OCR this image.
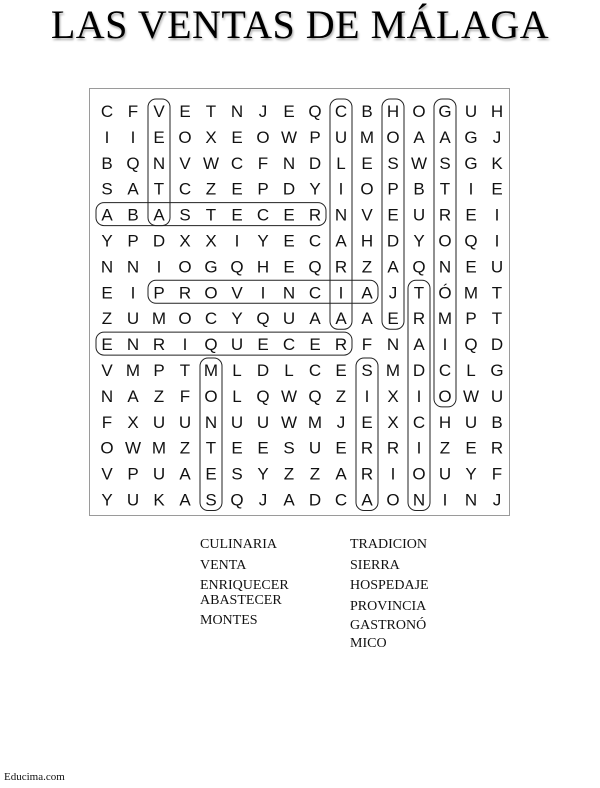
LAS VENTAS DE MÁLAGA
C F V E T N J E Q C B H O G U H
I I E O X E O W P U M O A A G J
B Q N V W C F N D L E S W S G K
S A T C Z E P D Y I O P B T I E
A B A S T E C E R N V E U R E I
Y P D X X I Y E C A H D Y O Q I
N N I O G Q H E Q R Z A Q N E U
E I P R O V I N C I A J T Ó M T
Z U M O C Y Q U A A A E R M P T
E N R I Q U E C E R F N A I Q D
V M P T M L D L C E S M D C L G
N A Z F O L Q W Q Z I X I O W U
F X U U N U U W M J E X C H U B
O W M Z T E E S U E R R I Z E R
V P U A E S Y Z Z A R I O U Y F
Y U K A S Q J A D C A O N I N J
CULINARIA
VENTA
ENRIQUECER
ABASTECER
MONTES
TRADICION
SIERRA
HOSPEDAJE
PROVINCIA
GASTRONÓMICO
Educima.com
